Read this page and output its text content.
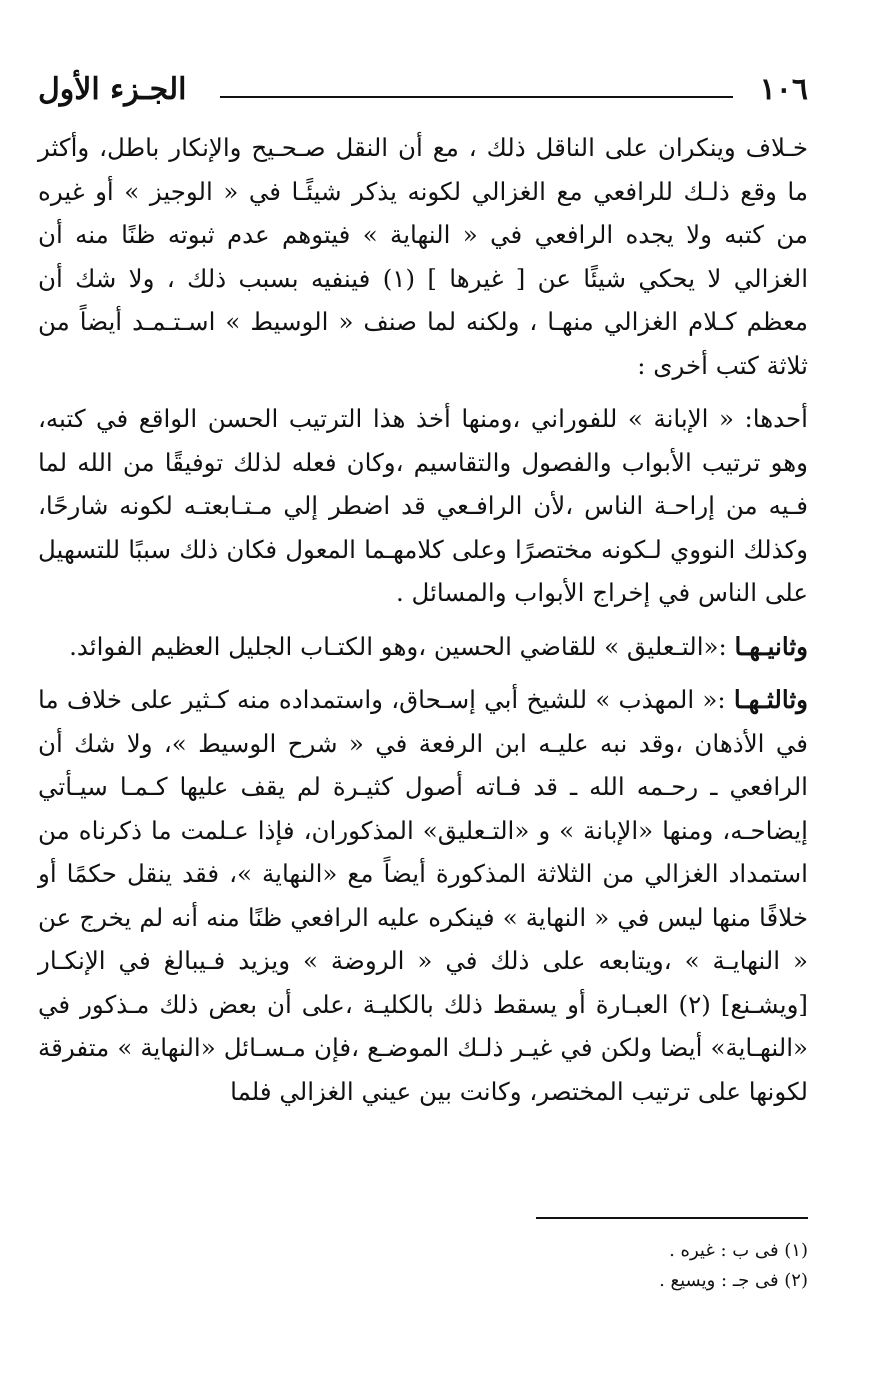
١٠٦
الجـزء الأول

خـلاف وينكران على الناقل ذلك ، مع أن النقل صـحـيح والإنكار باطل، وأكثر ما وقع ذلـك للرافعي مع الغزالي لكونه يذكر شيئًـا في « الوجيز » أو غيره من كتبه ولا يجده الرافعي في « النهاية » فيتوهم عدم ثبوته ظنًا منه أن الغزالي لا يحكي شيئًا عن [ غيرها ] (١) فينفيه بسبب ذلك ، ولا شك أن معظم كـلام الغزالي منهـا ، ولكنه لما صنف « الوسيط » اسـتـمـد أيضاً من ثلاثة كتب أخرى :

أحدها: « الإبانة » للفوراني ،ومنها أخذ هذا الترتيب الحسن الواقع في كتبه، وهو ترتيب الأبواب والفصول والتقاسيم ،وكان فعله لذلك توفيقًا من الله لما فـيه من إراحـة الناس ،لأن الرافـعي قد اضطر إلي مـتـابعتـه لكونه شارحًا، وكذلك النووي لـكونه مختصرًا وعلى كلامهـما المعول فكان ذلك سببًا للتسهيل على الناس في إخراج الأبواب والمسائل .

وثانيـهـا :«التـعليق » للقاضي الحسين ،وهو الكتـاب الجليل العظيم الفوائد.

وثالثـهـا :« المهذب » للشيخ أبي إسـحاق، واستمداده منه كـثير على خلاف ما في الأذهان ،وقد نبه عليـه ابن الرفعة في « شرح الوسيط »، ولا شك أن الرافعي ـ رحـمه الله ـ قد فـاته أصول كثيـرة لم يقف عليها كـمـا سيـأتي إيضاحـه، ومنها «الإبانة » و «التـعليق» المذكوران، فإذا عـلمت ما ذكرناه من استمداد الغزالي من الثلاثة المذكورة أيضاً مع «النهاية »، فقد ينقل حكمًا أو خلافًا منها ليس في « النهاية » فينكره عليه الرافعي ظنًا منه أنه لم يخرج عن « النهايـة » ،ويتابعه على ذلك في « الروضة » ويزيد فـيبالغ في الإنكـار [ويشـنع] (٢) العبـارة أو يسقط ذلك بالكليـة ،على أن بعض ذلك مـذكور في «النهـاية» أيضا ولكن في غيـر ذلـك الموضـع ،فإن مـسـائل «النهاية » متفرقة لكونها على ترتيب المختصر، وكانت بين عيني الغزالي فلما

(١) فى ب : غيره .
(٢) فى جـ : ويسيع .
